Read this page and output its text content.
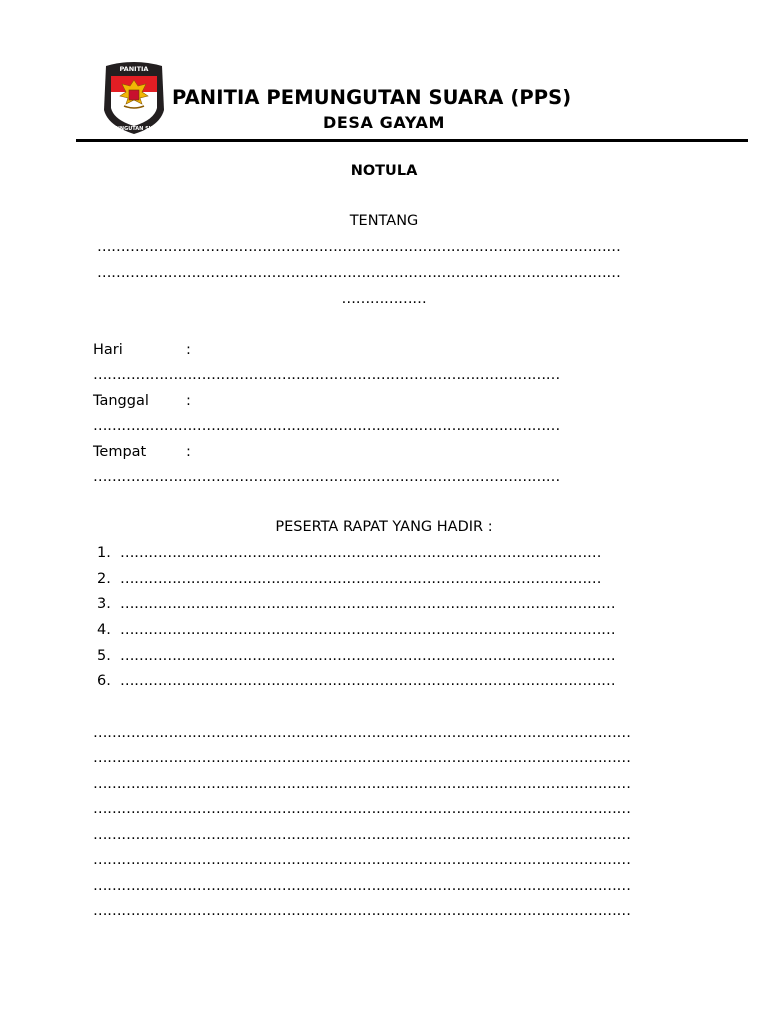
PANITIA
PEMUNGUTAN SUARA
PANITIA PEMUNGUTAN SUARA (PPS)
DESA GAYAM
NOTULA
TENTANG
…………………………………………………………………………………………………
…………………………………………………………………………………………………
………………
Hari	:
………………………………………………………………………………………
Tanggal	:
………………………………………………………………………………………
Tempat	:
………………………………………………………………………………………
PESERTA RAPAT YANG HADIR :
1. …………………………………………………………………………………………
2. …………………………………………………………………………………………
3. ……………………………………………………………………………………………
4. ……………………………………………………………………………………………
5. ……………………………………………………………………………………………
6. ……………………………………………………………………………………………
……………………………………………………………………………………………………
……………………………………………………………………………………………………
……………………………………………………………………………………………………
……………………………………………………………………………………………………
……………………………………………………………………………………………………
……………………………………………………………………………………………………
……………………………………………………………………………………………………
……………………………………………………………………………………………………
